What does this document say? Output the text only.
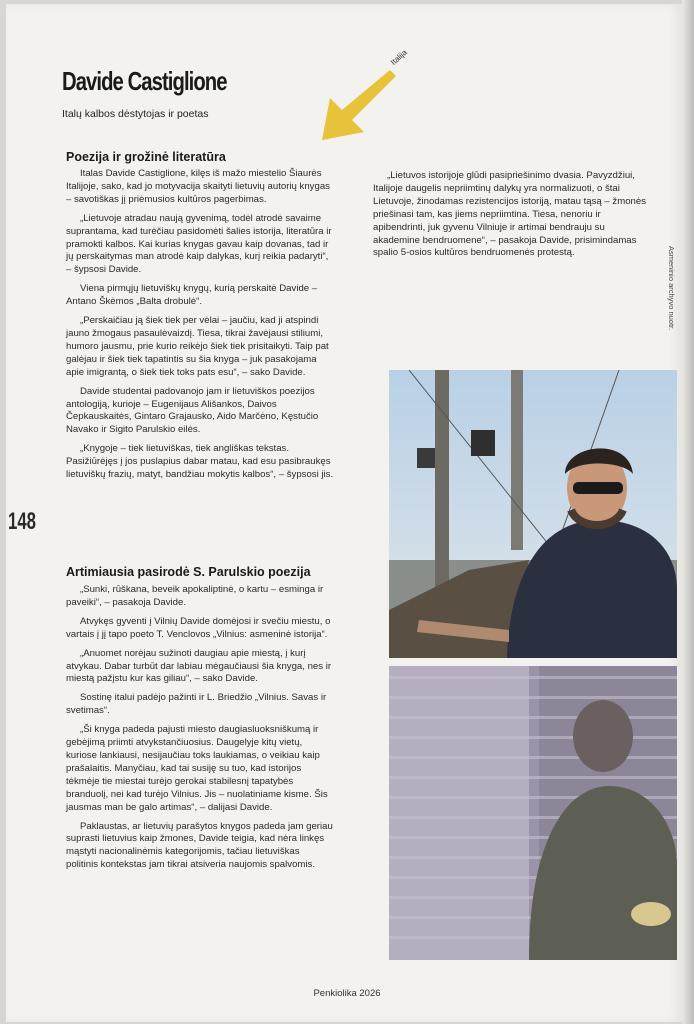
Davide Castiglione
Italų kalbos dėstytojas ir poetas
Italija
Poezija ir grožinė literatūra

Italas Davide Castiglione, kilęs iš mažo miestelio Šiaurės Italijoje, sako, kad jo motyvacija skaityti lietuvių autorių knygas – savotiškas jį priėmusios kultūros pagerbimas.

„Lietuvoje atradau naują gyvenimą, todėl atrodė savaime suprantama, kad turėčiau pasidomėti šalies istorija, literatūra ir pramokti kalbos. Kai kurias knygas gavau kaip dovanas, tad ir jų perskaitymas man atrodė kaip dalykas, kurį reikia padaryti“, – šypsosi Davide.

Viena pirmųjų lietuviškų knygų, kurią perskaitė Davide – Antano Škėmos „Balta drobulė“.

„Perskaičiau ją šiek tiek per vėlai – jaučiu, kad ji atspindi jauno žmogaus pasaulėvaizdį. Tiesa, tikrai žavėjausi stiliumi, humoro jausmu, prie kurio reikėjo šiek tiek prisitaikyti. Taip pat galėjau ir šiek tiek tapatintis su šia knyga – juk pasakojama apie imigrantą, o šiek tiek toks pats esu“, – sako Davide.

Davide studentai padovanojo jam ir lietuviškos poezijos antologiją, kurioje – Eugenijaus Ališankos, Daivos Čepkauskaitės, Gintaro Grajausko, Aido Marčėno, Kęstučio Navako ir Sigito Parulskio eilės.

„Knygoje – tiek lietuviškas, tiek angliškas tekstas. Pasižiūrėjęs į jos puslapius dabar matau, kad esu pasibraukęs lietuviškų frazių, matyt, bandžiau mokytis kalbos“, – šypsosi jis.

Artimiausia pasirodė S. Parulskio poezija

„Sunki, rūškana, beveik apokaliptinė, o kartu – esminga ir paveiki“, – pasakoja Davide.

Atvykęs gyventi į Vilnių Davide domėjosi ir svečiu miestu, o vartais į jį tapo poeto T. Venclovos „Vilnius: asmeninė istorija“.

„Anuomet norėjau sužinoti daugiau apie miestą, į kurį atvykau. Dabar turbūt dar labiau mėgaučiausi šia knyga, nes ir miestą pažįstu kur kas giliau“, – sako Davide.

Sostinę italui padėjo pažinti ir L. Briedžio „Vilnius. Savas ir svetimas“.

„Ši knyga padeda pajusti miesto daugiasluoksniškumą ir gebėjimą priimti atvykstančiuosius. Daugelyje kitų vietų, kuriose lankiausi, nesijaučiau toks laukiamas, o veikiau kaip prašalaitis. Manyčiau, kad tai susiję su tuo, kad istorijos tėkmėje tie miestai turėjo gerokai stabilesnį tapatybės branduolį, nei kad turėjo Vilnius. Jis – nuolatiniame kisme. Šis jausmas man be galo artimas“, – dalijasi Davide.

Paklaustas, ar lietuvių parašytos knygos padeda jam geriau suprasti lietuvius kaip žmones, Davide teigia, kad nėra linkęs mąstyti nacionalinėmis kategorijomis, tačiau lietuviškas politinis kontekstas jam tikrai atsiveria naujomis spalvomis.

„Lietuvos istorijoje glūdi pasipriešinimo dvasia. Pavyzdžiui, Italijoje daugelis nepriimtinų dalykų yra normalizuoti, o štai Lietuvoje, žinodamas rezistencijos istoriją, matau tąsą – žmonės priešinasi tam, kas jiems nepriimtina. Tiesa, nenoriu ir apibendrinti, juk gyvenu Vilniuje ir artimai bendrauju su akademine bendruomene“, – pasakoja Davide, prisimindamas spalio 5-osios kultūros bendruomenės protestą.

148
Asmeninio archyvo nuotr.
Penkiolika 2026
